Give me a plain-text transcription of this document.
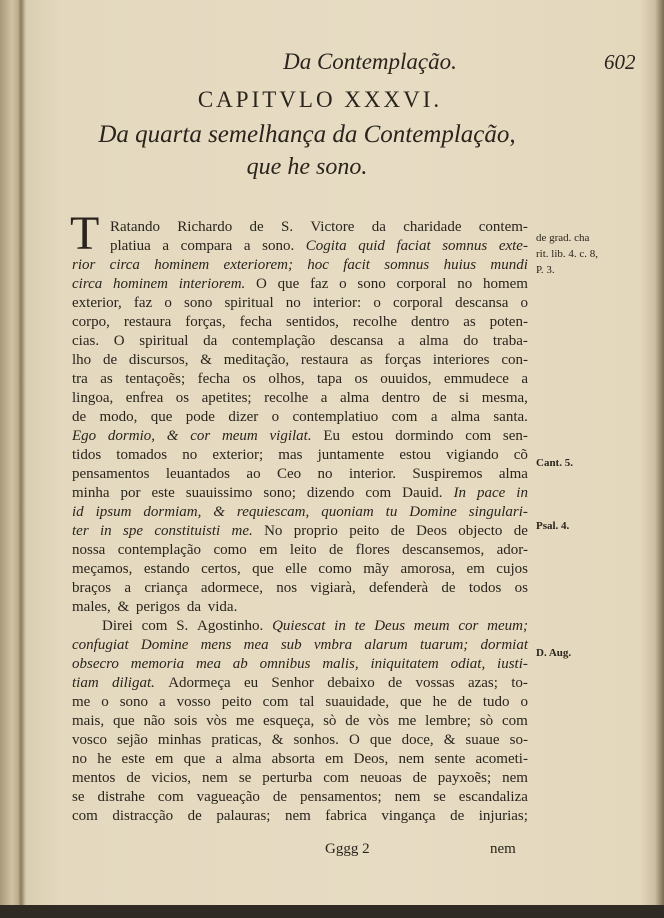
Da Contemplação.	602
CAPITVLO XXXVI.
Da quarta semelhança da Contemplação,
que he sono.
T Ratando Richardo de S. Victore da charidade contem-
platiua a compara a sono. Cogita quid faciat somnus exte-
rior circa hominem exteriorem; hoc facit somnus huius mundi
circa hominem interiorem. O que faz o sono corporal no homem
exterior, faz o sono spiritual no interior: o corporal descansa o
corpo, restaura forças, fecha sentidos, recolhe dentro as poten-
cias. O spiritual da contemplação descansa a alma do traba-
lho de discursos, & meditação, restaura as forças interiores con-
tra as tentaçoẽs; fecha os olhos, tapa os ouuidos, emmudece a
lingoa, enfrea os apetites; recolhe a alma dentro de si mesma,
de modo, que pode dizer o contemplatiuo com a alma santa.
Ego dormio, & cor meum vigilat. Eu estou dormindo com sen-
tidos tomados no exterior; mas juntamente estou vigiando cõ
pensamentos leuantados ao Ceo no interior. Suspiremos alma
minha por este suauissimo sono; dizendo com Dauid. In pace in
id ipsum dormiam, & requiescam, quoniam tu Domine singulari-
ter in spe constituisti me. No proprio peito de Deos objecto de
nossa contemplação como em leito de flores descansemos, ador-
meçamos, estando certos, que elle como mãy amorosa, em cujos
braços a criança adormece, nos vigiarà, defenderà de todos os
males, & perigos da vida.
Direi com S. Agostinho. Quiescat in te Deus meum cor meum;
confugiat Domine mens mea sub vmbra alarum tuarum; dormiat
obsecro memoria mea ab omnibus malis, iniquitatem odiat, iusti-
tiam diligat. Adormeça eu Senhor debaixo de vossas azas; to-
me o sono a vosso peito com tal suauidade, que he de tudo o
mais, que não sois vòs me esqueça, sò de vòs me lembre; sò com
vosco sejão minhas praticas, & sonhos. O que doce, & suaue so-
no he este em que a alma absorta em Deos, nem sente acometi-
mentos de vicios, nem se perturba com neuoas de payxoẽs; nem
se distrahe com vagueação de pensamentos; nem se escandaliza
com distracção de palauras; nem fabrica vingança de injurias;
de grad. cha
rit. lib. 4. c. 8,
P. 3.
Cant. 5.
Psal. 4.
D. Aug.
Gggg 2	nem
